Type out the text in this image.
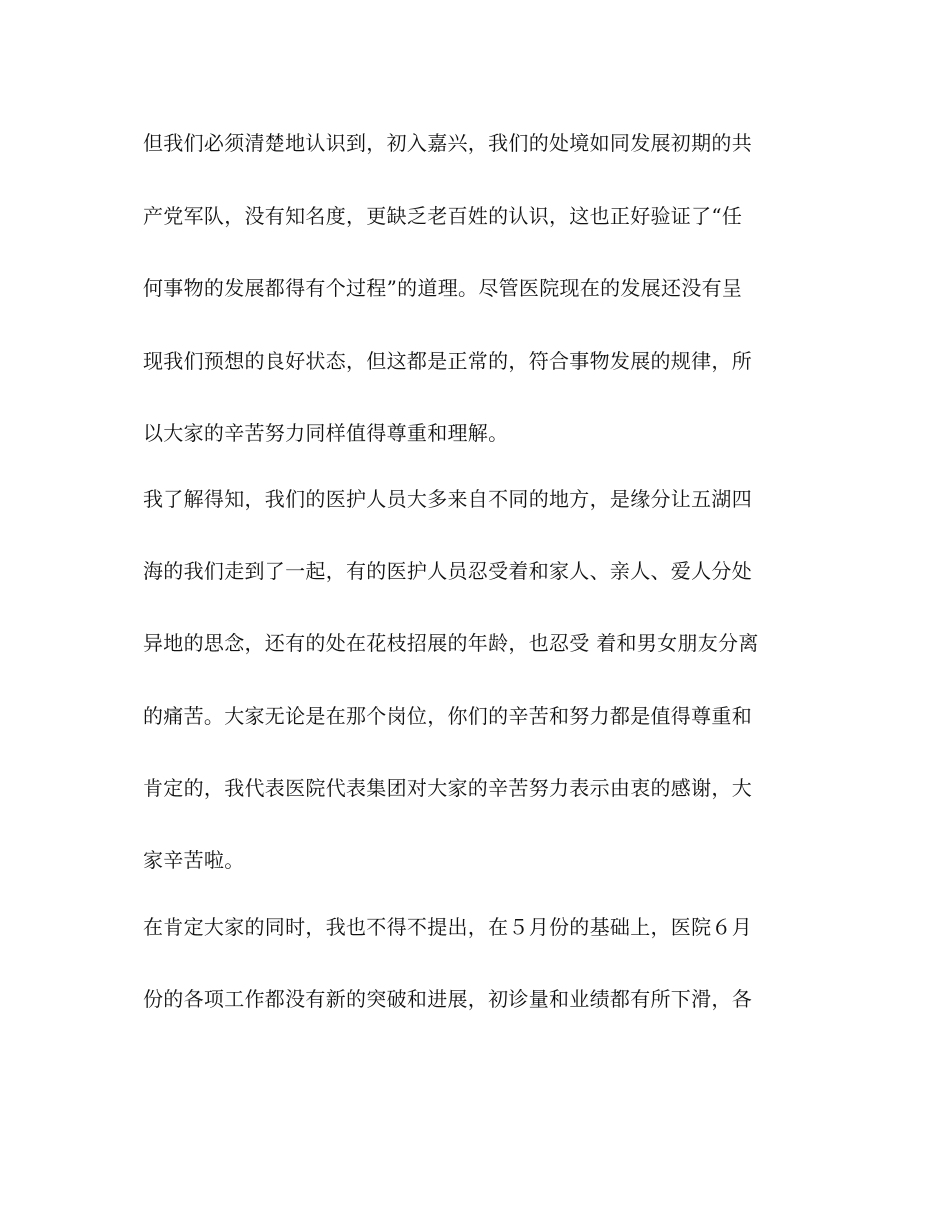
但我们必须清楚地认识到，初入嘉兴，我们的处境如同发展初期的共
产党军队，没有知名度，更缺乏老百姓的认识，这也正好验证了“任
何事物的发展都得有个过程”的道理。尽管医院现在的发展还没有呈
现我们预想的良好状态，但这都是正常的，符合事物发展的规律，所
以大家的辛苦努力同样值得尊重和理解。
我了解得知，我们的医护人员大多来自不同的地方，是缘分让五湖四
海的我们走到了一起，有的医护人员忍受着和家人、亲人、爱人分处
异地的思念，还有的处在花枝招展的年龄，也忍受 着和男女朋友分离
的痛苦。大家无论是在那个岗位，你们的辛苦和努力都是值得尊重和
肯定的，我代表医院代表集团对大家的辛苦努力表示由衷的感谢，大
家辛苦啦。
在肯定大家的同时，我也不得不提出，在５月份的基础上，医院６月
份的各项工作都没有新的突破和进展，初诊量和业绩都有所下滑，各
